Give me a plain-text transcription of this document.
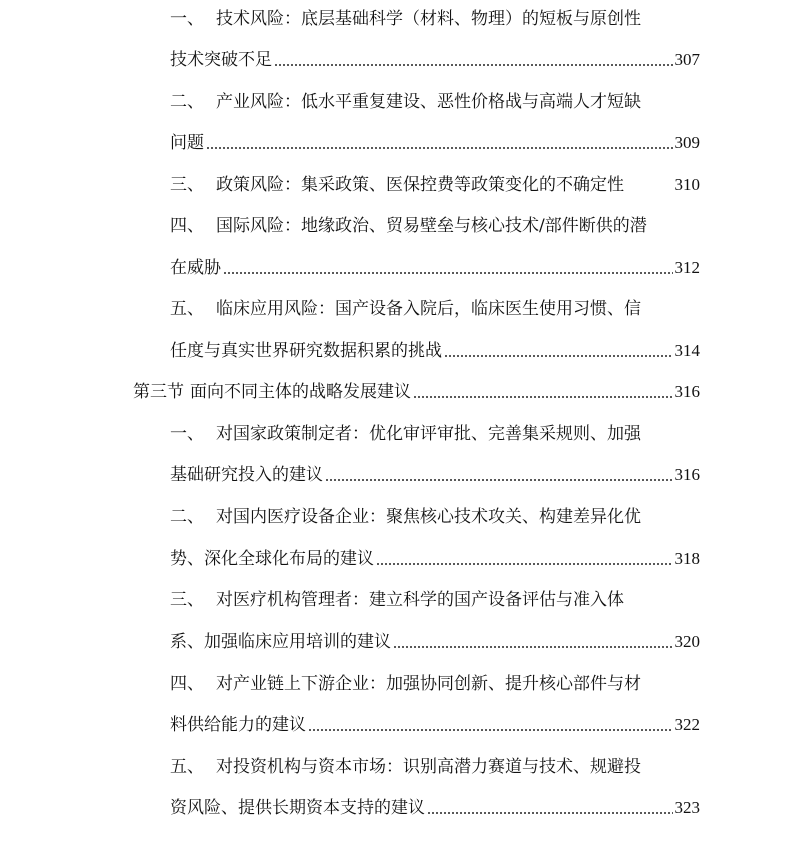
一、 技术风险：底层基础科学（材料、物理）的短板与原创性
技术突破不足	307
二、 产业风险：低水平重复建设、恶性价格战与高端人才短缺
问题	309
三、 政策风险：集采政策、医保控费等政策变化的不确定性	310
四、 国际风险：地缘政治、贸易壁垒与核心技术/部件断供的潜
在威胁	312
五、 临床应用风险：国产设备入院后，临床医生使用习惯、信
任度与真实世界研究数据积累的挑战	314
第三节 面向不同主体的战略发展建议	316
一、 对国家政策制定者：优化审评审批、完善集采规则、加强
基础研究投入的建议	316
二、 对国内医疗设备企业：聚焦核心技术攻关、构建差异化优
势、深化全球化布局的建议	318
三、 对医疗机构管理者：建立科学的国产设备评估与准入体
系、加强临床应用培训的建议	320
四、 对产业链上下游企业：加强协同创新、提升核心部件与材
料供给能力的建议	322
五、 对投资机构与资本市场：识别高潜力赛道与技术、规避投
资风险、提供长期资本支持的建议	323
